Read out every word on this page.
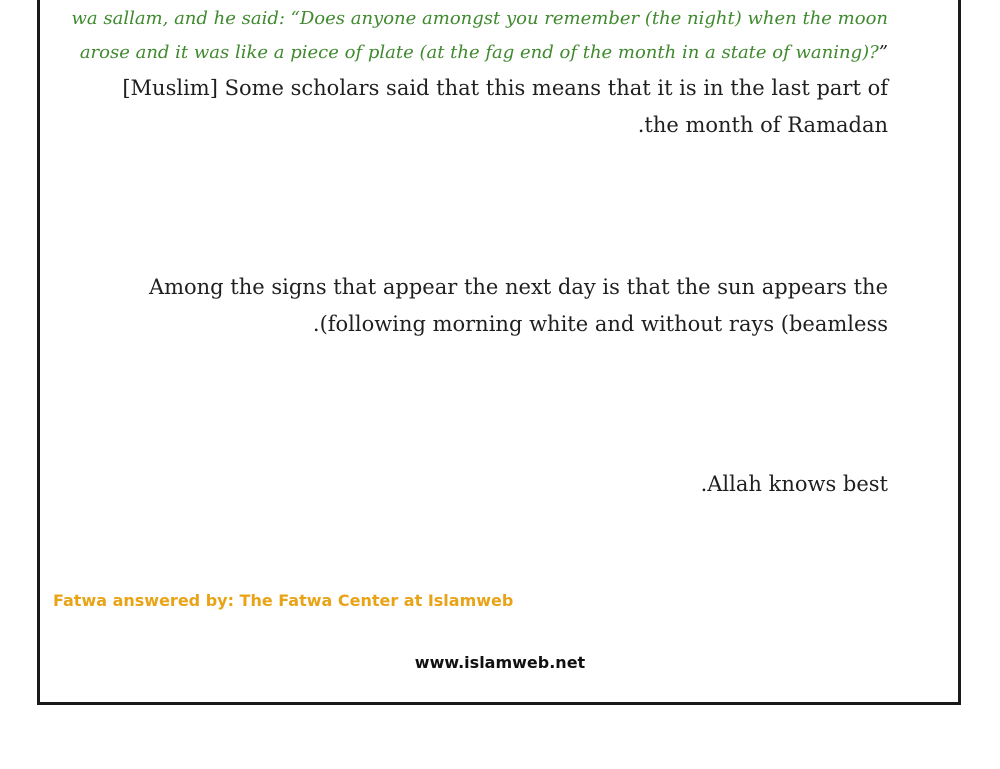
wa sallam, and he said: “Does anyone amongst you remember (the night) when the moon
arose and it was like a piece of plate (at the fag end of the month in a state of waning)?”
[Muslim] Some scholars said that this means that it is in the last part of
.the month of Ramadan
Among the signs that appear the next day is that the sun appears the
.(following morning white and without rays (beamless
.Allah knows best
Fatwa answered by: The Fatwa Center at Islamweb
www.islamweb.net
